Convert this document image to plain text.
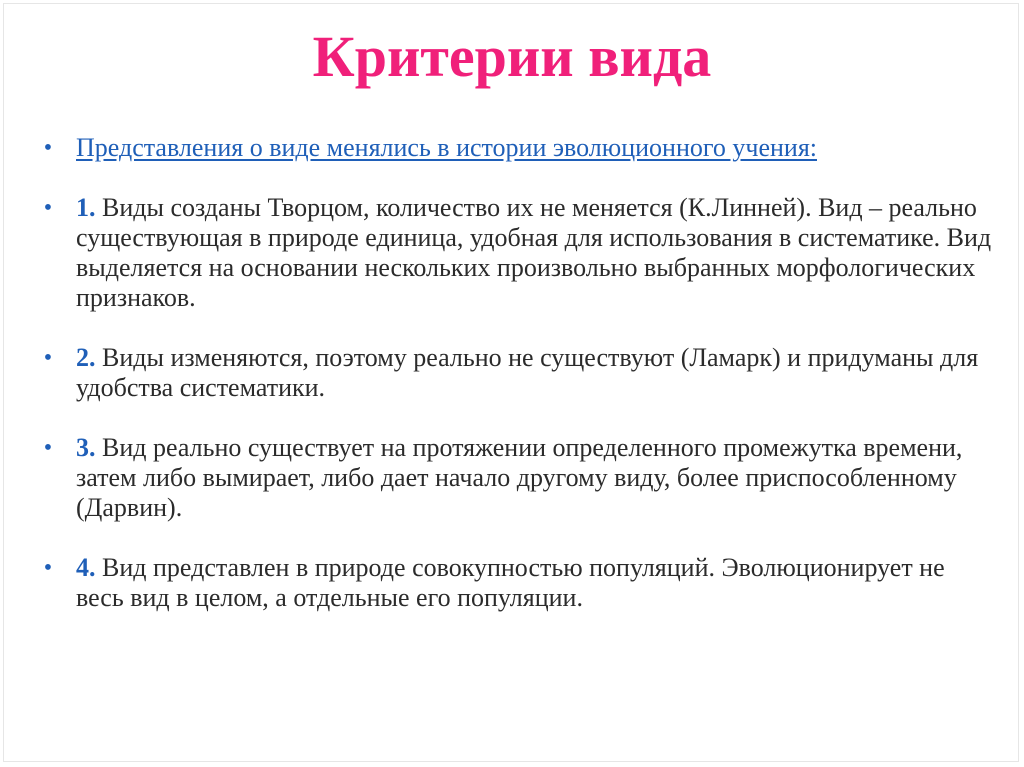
Критерии вида
• Представления о виде менялись в истории эволюционного учения:
• 1. Виды созданы Творцом, количество их не меняется (К.Линней). Вид – реально существующая в природе единица, удобная для использования в систематике. Вид выделяется на основании нескольких произвольно выбранных морфологических признаков.
• 2. Виды изменяются, поэтому реально не существуют (Ламарк) и придуманы для удобства систематики.
• 3. Вид реально существует на протяжении определенного промежутка времени, затем либо вымирает, либо дает начало другому виду, более приспособленному (Дарвин).
• 4. Вид представлен в природе совокупностью популяций. Эволюционирует не весь вид в целом, а отдельные его популяции.
